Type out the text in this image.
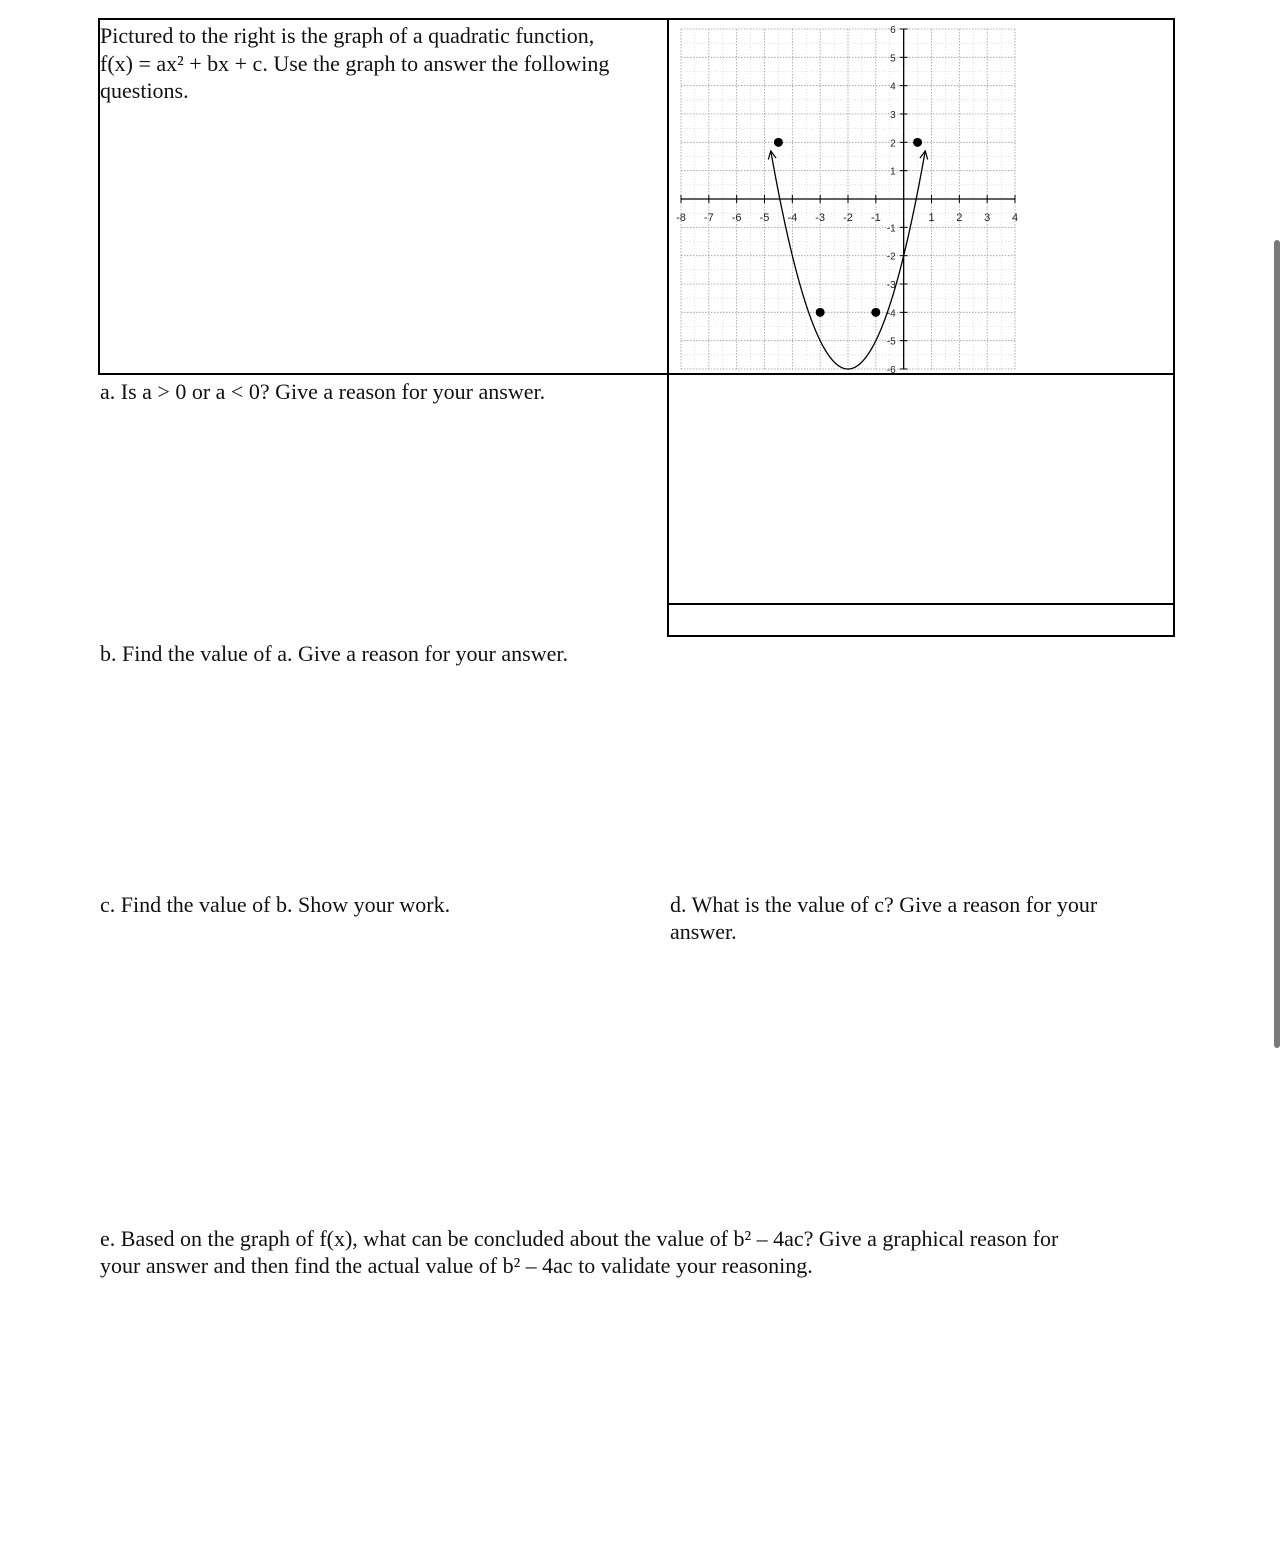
Pictured to the right is the graph of a quadratic function,
f(x) = ax² + bx + c. Use the graph to answer the following
questions.
-8 -7 -6 -5 -4 -3 -2 -1	1 2 3 4
-6
-5
-4
-3
-2
-1
1
2
3
4
5
6
a. Is a > 0 or a < 0? Give a reason for your answer.
b. Find the value of a. Give a reason for your answer.
c. Find the value of b. Show your work.	d. What is the value of c? Give a reason for your
answer.
e. Based on the graph of f(x), what can be concluded about the value of b² – 4ac? Give a graphical reason for
your answer and then find the actual value of b² – 4ac to validate your reasoning.
